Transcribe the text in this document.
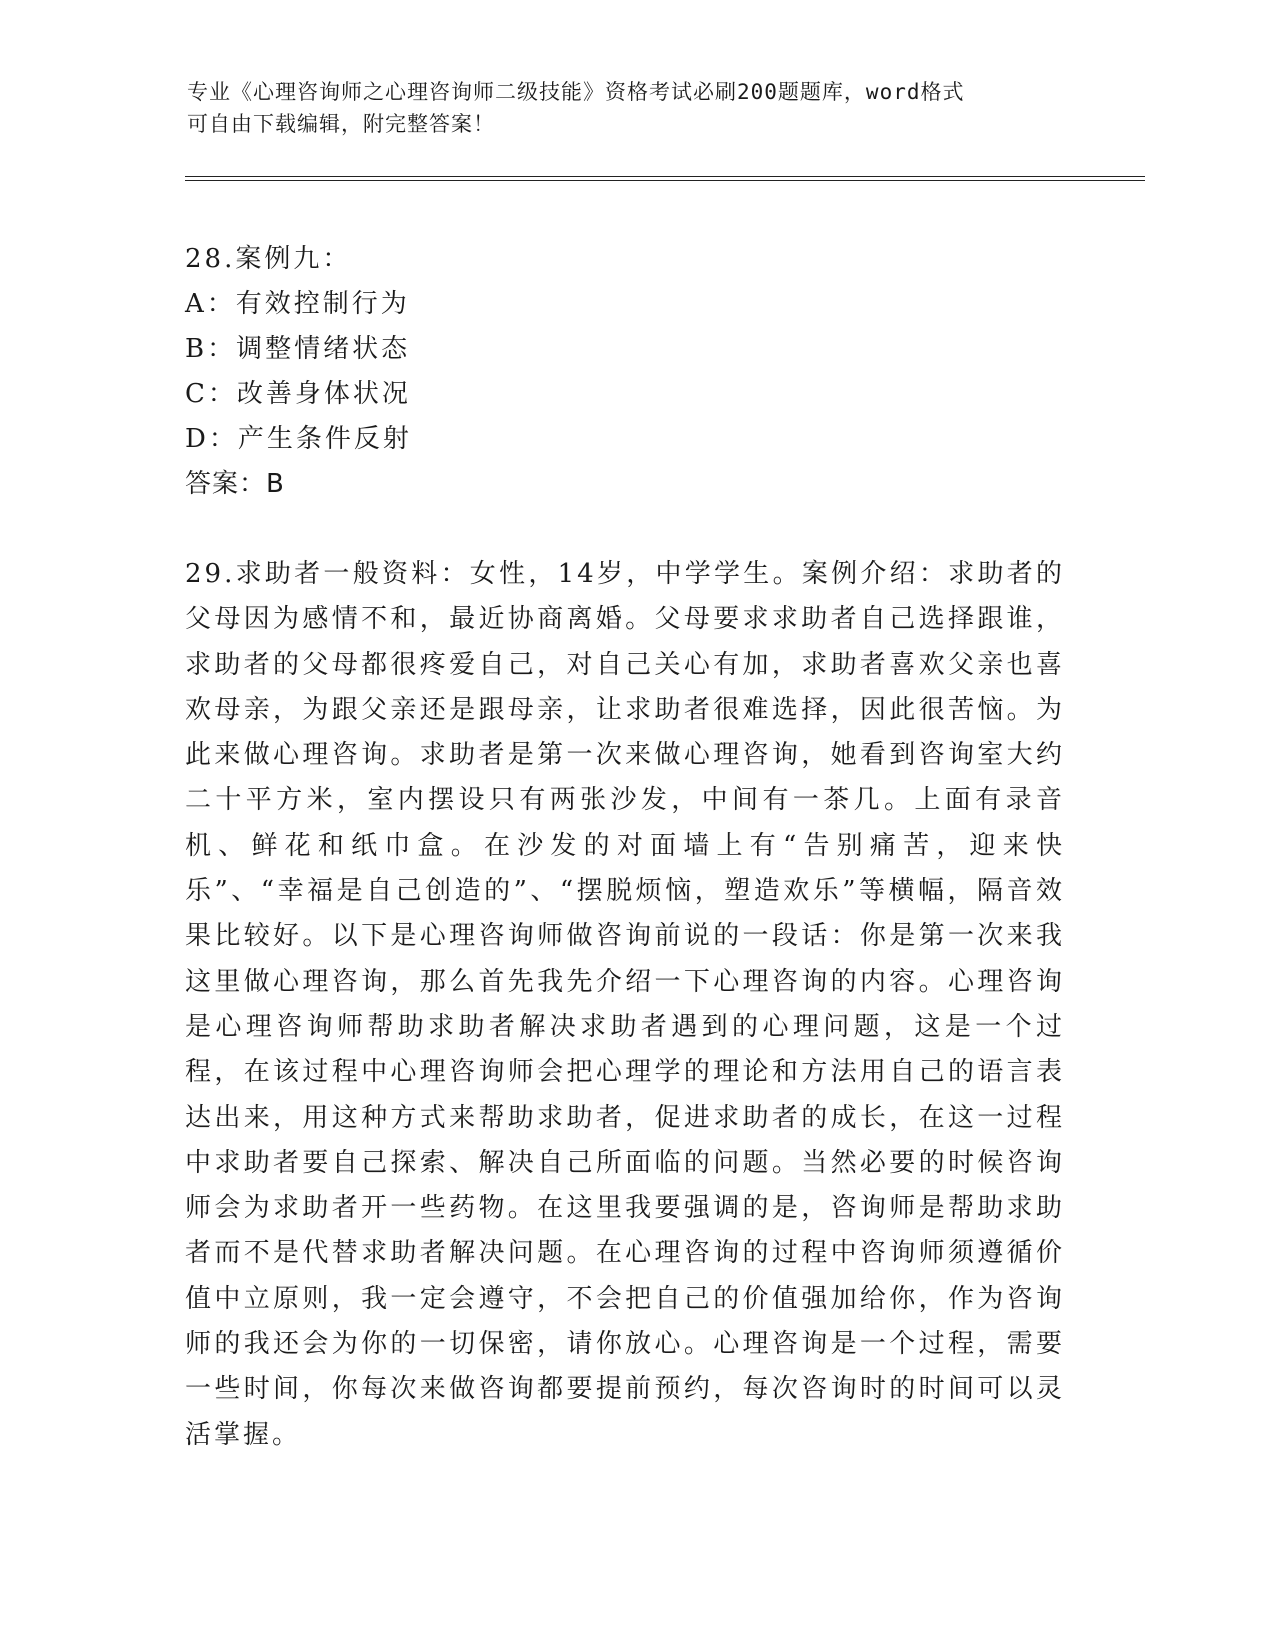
专业《心理咨询师之心理咨询师二级技能》资格考试必刷200题题库，word格式
可自由下载编辑，附完整答案！
28.案例九：
A：有效控制行为
B：调整情绪状态
C：改善身体状况
D：产生条件反射
答案：B
29.求助者一般资料：女性，14岁，中学学生。案例介绍：求助者的父母因为感情不和，最近协商离婚。父母要求求助者自己选择跟谁，求助者的父母都很疼爱自己，对自己关心有加，求助者喜欢父亲也喜欢母亲，为跟父亲还是跟母亲，让求助者很难选择，因此很苦恼。为此来做心理咨询。求助者是第一次来做心理咨询，她看到咨询室大约二十平方米，室内摆设只有两张沙发，中间有一茶几。上面有录音机、鲜花和纸巾盒。在沙发的对面墙上有“告别痛苦，迎来快乐”、“幸福是自己创造的”、“摆脱烦恼，塑造欢乐”等横幅，隔音效果比较好。以下是心理咨询师做咨询前说的一段话：你是第一次来我这里做心理咨询，那么首先我先介绍一下心理咨询的内容。心理咨询是心理咨询师帮助求助者解决求助者遇到的心理问题，这是一个过程，在该过程中心理咨询师会把心理学的理论和方法用自己的语言表达出来，用这种方式来帮助求助者，促进求助者的成长，在这一过程中求助者要自己探索、解决自己所面临的问题。当然必要的时候咨询师会为求助者开一些药物。在这里我要强调的是，咨询师是帮助求助者而不是代替求助者解决问题。在心理咨询的过程中咨询师须遵循价值中立原则，我一定会遵守，不会把自己的价值强加给你，作为咨询师的我还会为你的一切保密，请你放心。心理咨询是一个过程，需要一些时间，你每次来做咨询都要提前预约，每次咨询时的时间可以灵活掌握。
